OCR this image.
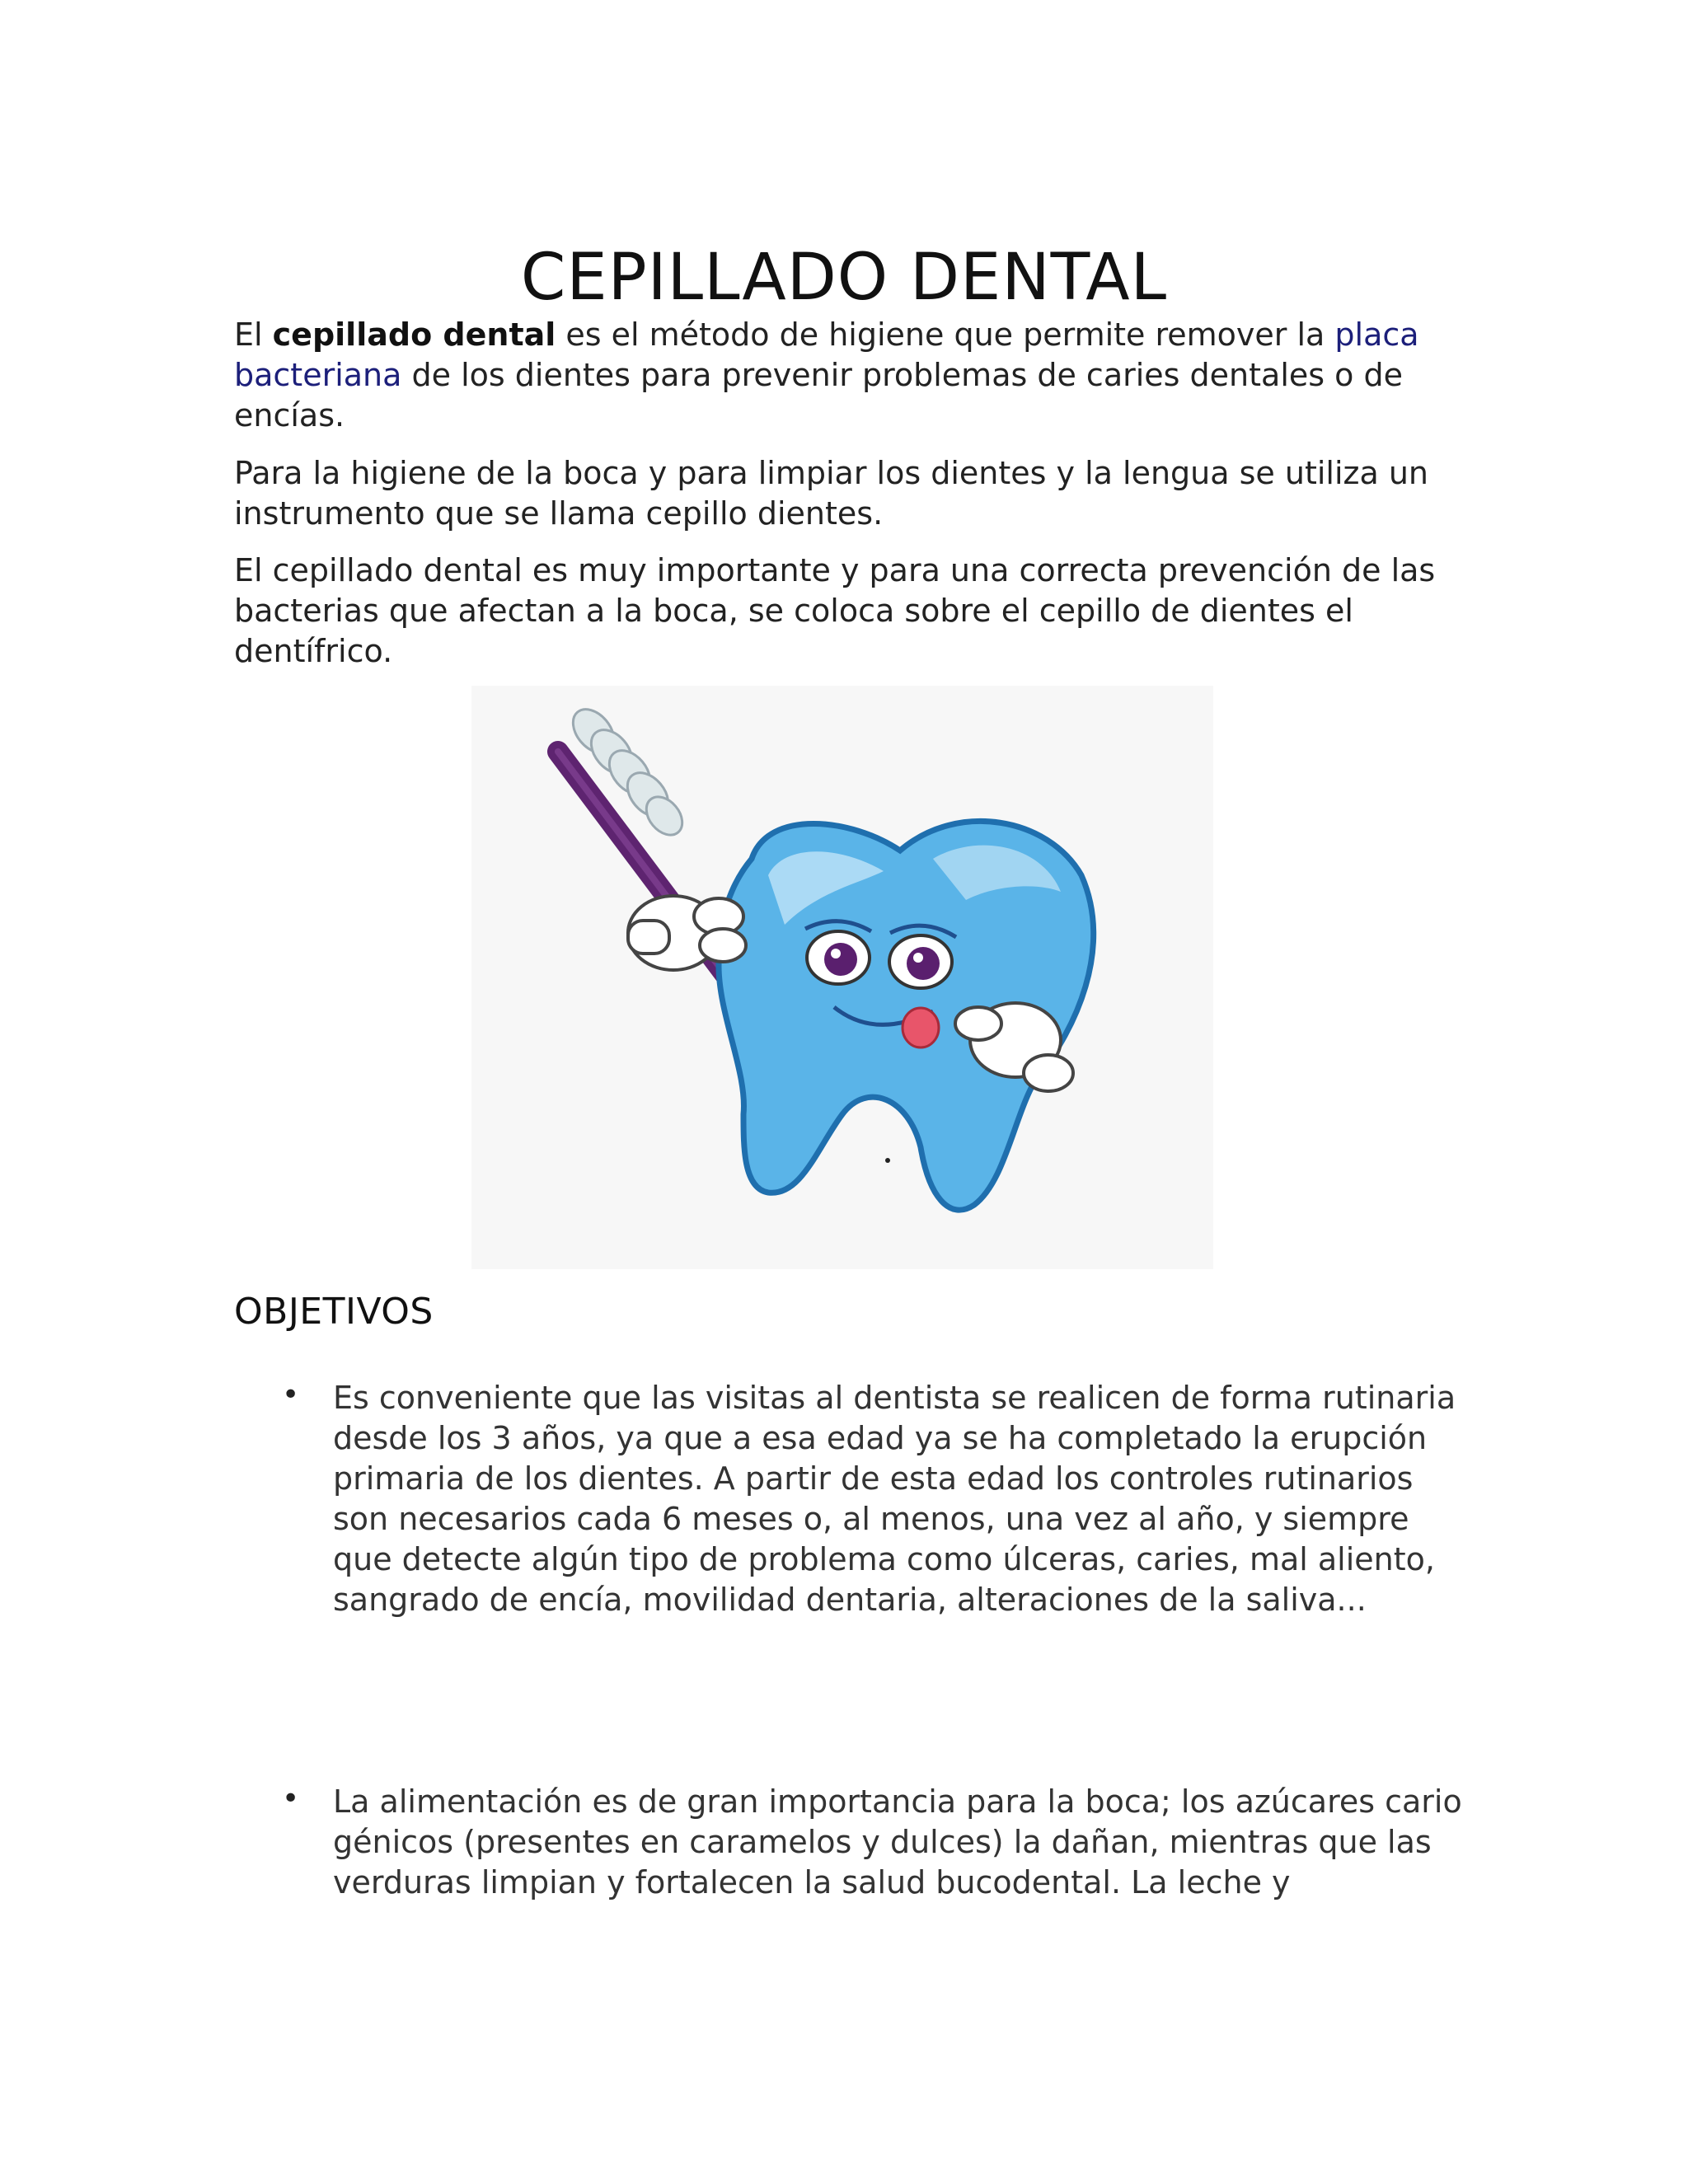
CEPILLADO DENTAL

El cepillado dental es el método de higiene que permite remover la placa bacteriana de los dientes para prevenir problemas de caries dentales o de encías.

Para la higiene de la boca y para limpiar los dientes y la lengua se utiliza un instrumento que se llama cepillo dientes.

El cepillado dental es muy importante y para una correcta prevención de las bacterias que afectan a la boca, se coloca sobre el cepillo de dientes el dentífrico.

OBJETIVOS
• Es conveniente que las visitas al dentista se realicen de forma rutinaria desde los 3 años, ya que a esa edad ya se ha completado la erupción primaria de los dientes. A partir de esta edad los controles rutinarios son necesarios cada 6 meses o, al menos, una vez al año, y siempre que detecte algún tipo de problema como úlceras, caries, mal aliento, sangrado de encía, movilidad dentaria, alteraciones de la saliva...
• La alimentación es de gran importancia para la boca; los azúcares cario génicos (presentes en caramelos y dulces) la dañan, mientras que las verduras limpian y fortalecen la salud bucodental. La leche y
